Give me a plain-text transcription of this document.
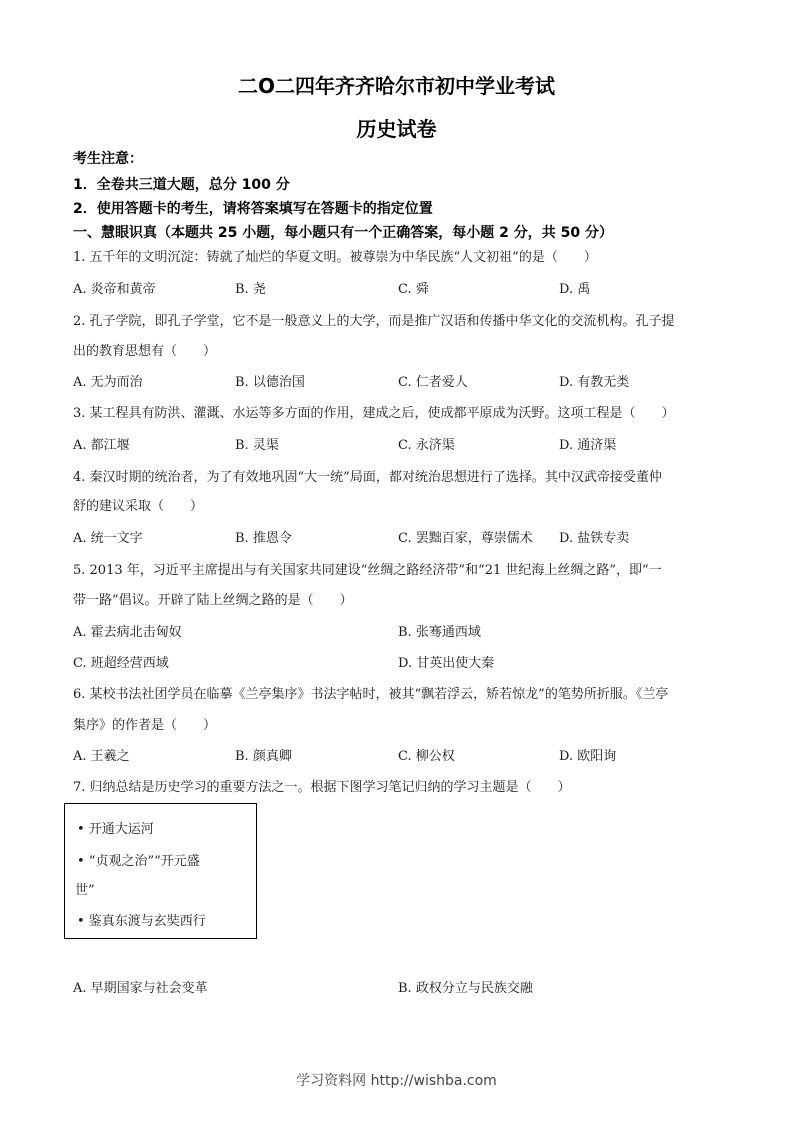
二O二四年齐齐哈尔市初中学业考试
历史试卷
考生注意：
1．全卷共三道大题，总分 100 分
2．使用答题卡的考生，请将答案填写在答题卡的指定位置
一、慧眼识真（本题共 25 小题，每小题只有一个正确答案，每小题 2 分，共 50 分）
1. 五千年的文明沉淀：铸就了灿烂的华夏文明。被尊崇为中华民族“人文初祖”的是（　　）
A. 炎帝和黄帝	B. 尧	C. 舜	D. 禹
2. 孔子学院，即孔子学堂，它不是一般意义上的大学，而是推广汉语和传播中华文化的交流机构。孔子提
出的教育思想有（　　）
A. 无为而治	B. 以德治国	C. 仁者爱人	D. 有教无类
3. 某工程具有防洪、灌溉、水运等多方面的作用，建成之后，使成都平原成为沃野。这项工程是（　　）
A. 都江堰	B. 灵渠	C. 永济渠	D. 通济渠
4. 秦汉时期的统治者，为了有效地巩固“大一统”局面，都对统治思想进行了选择。其中汉武帝接受董仲
舒的建议采取（　　）
A. 统一文字	B. 推恩令	C. 罢黜百家，尊崇儒术 D. 盐铁专卖
5. 2013 年，习近平主席提出与有关国家共同建设“丝绸之路经济带”和“21 世纪海上丝绸之路”，即“一
带一路”倡议。开辟了陆上丝绸之路的是（　　）
A. 霍去病北击匈奴	B. 张骞通西域
C. 班超经营西域	D. 甘英出使大秦
6. 某校书法社团学员在临摹《兰亭集序》书法字帖时，被其“飘若浮云，矫若惊龙”的笔势所折服。《兰亭
集序》的作者是（　　）
A. 王羲之	B. 颜真卿	C. 柳公权	D. 欧阳询
7. 归纳总结是历史学习的重要方法之一。根据下图学习笔记归纳的学习主题是（　　）
• 开通大运河
• “贞观之治”“开元盛
世”
• 鉴真东渡与玄奘西行
A. 早期国家与社会变革	B. 政权分立与民族交融
学习资料网 http://wishba.com
